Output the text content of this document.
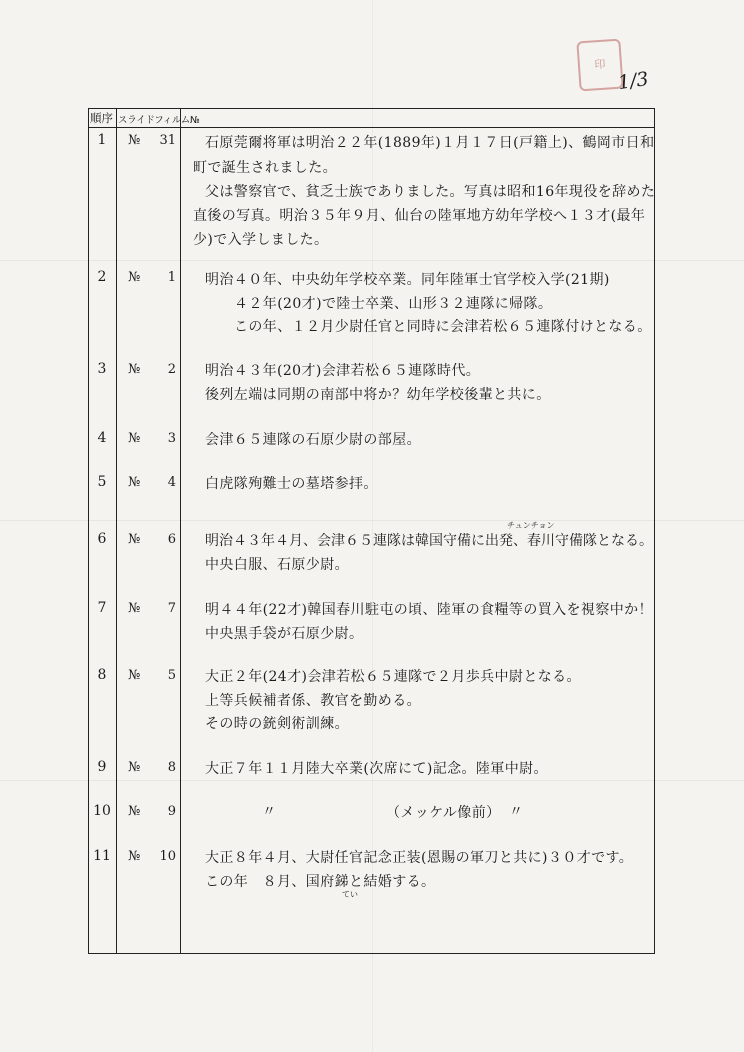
印
1/3
順序 スライドフィルム№
1	№ 31 石原莞爾将軍は明治２２年(1889年)１月１７日(戸籍上)、鶴岡市日和
町で誕生されました。
父は警察官で、貧乏士族でありました。写真は昭和16年現役を辞めた
直後の写真。明治３５年９月、仙台の陸軍地方幼年学校へ１３才(最年
少)で入学しました。
2	№ 1 明治４０年、中央幼年学校卒業。同年陸軍士官学校入学(21期)
４２年(20才)で陸士卒業、山形３２連隊に帰隊。
この年、１２月少尉任官と同時に会津若松６５連隊付けとなる。
3	№ 2 明治４３年(20才)会津若松６５連隊時代。
後列左端は同期の南部中将か？幼年学校後輩と共に。
4	№ 3 会津６５連隊の石原少尉の部屋。
5	№ 4 白虎隊殉難士の墓塔参拝。
6	№ 6
チュンチョン
明治４３年４月、会津６５連隊は韓国守備に出発、春川守備隊となる。
中央白服、石原少尉。
7	№ 7 明４４年(22才)韓国春川駐屯の頃、陸軍の食糧等の買入を視察中か！
中央黒手袋が石原少尉。
8	№ 5 大正２年(24才)会津若松６５連隊で２月歩兵中尉となる。
上等兵候補者係、教官を勤める。
その時の銃剣術訓練。
9	№ 8 大正７年１１月陸大卒業(次席にて)記念。陸軍中尉。
10	№ 9	〃	（メッケル像前） 〃
11	№ 10 大正８年４月、大尉任官記念正装(恩賜の軍刀と共に)３０才です。
この年　８月、国府銻と結婚する。
てい
